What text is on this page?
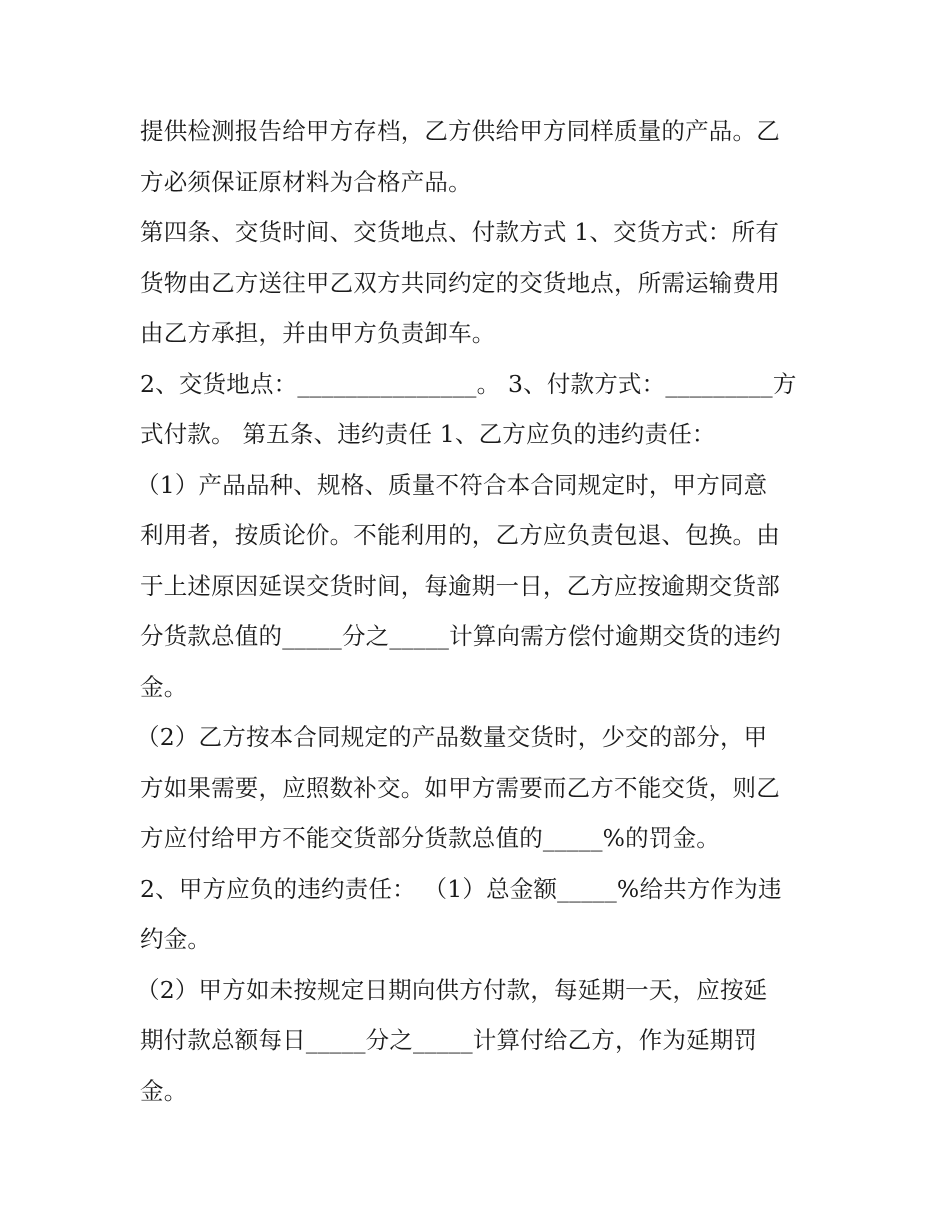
提供检测报告给甲方存档，乙方供给甲方同样质量的产品。乙
方必须保证原材料为合格产品。
第四条、交货时间、交货地点、付款方式 1、交货方式：所有
货物由乙方送往甲乙双方共同约定的交货地点，所需运输费用
由乙方承担，并由甲方负责卸车。
2、交货地点：_______________。 3、付款方式：_________方
式付款。 第五条、违约责任 1、乙方应负的违约责任：
（1）产品品种、规格、质量不符合本合同规定时，甲方同意
利用者，按质论价。不能利用的，乙方应负责包退、包换。由
于上述原因延误交货时间，每逾期一日，乙方应按逾期交货部
分货款总值的_____分之_____计算向需方偿付逾期交货的违约
金。
（2）乙方按本合同规定的产品数量交货时，少交的部分，甲
方如果需要，应照数补交。如甲方需要而乙方不能交货，则乙
方应付给甲方不能交货部分货款总值的_____%的罚金。
2、甲方应负的违约责任： （1）总金额_____%给共方作为违
约金。
（2）甲方如未按规定日期向供方付款，每延期一天，应按延
期付款总额每日_____分之_____计算付给乙方，作为延期罚
金。
